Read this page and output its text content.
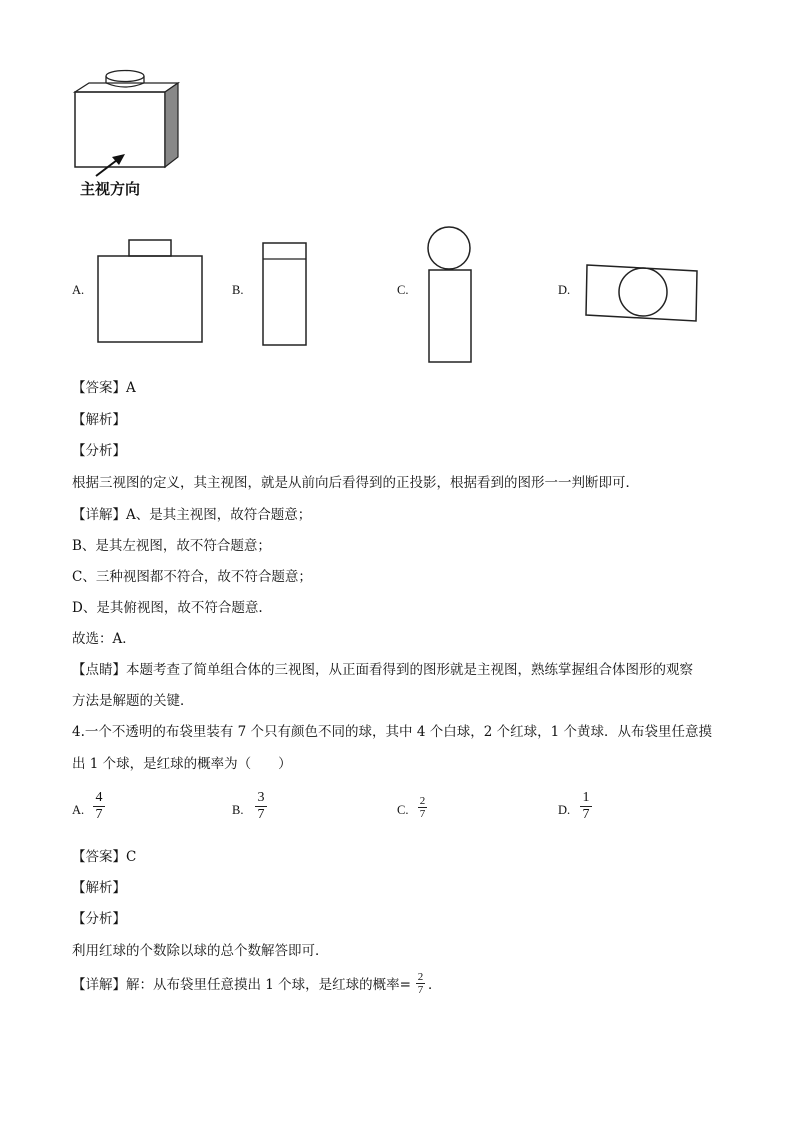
主视方向
A.	B.	C.	D.
【答案】A
【解析】
【分析】
根据三视图的定义，其主视图，就是从前向后看得到的正投影，根据看到的图形一一判断即可．
【详解】A、是其主视图，故符合题意；
B、是其左视图，故不符合题意；
C、三种视图都不符合，故不符合题意；
D、是其俯视图，故不符合题意.
故选：A．
【点睛】本题考查了简单组合体的三视图，从正面看得到的图形就是主视图，熟练掌握组合体图形的观察
方法是解题的关键．
4.一个不透明的布袋里装有 7 个只有颜色不同的球，其中 4 个白球，2 个红球，1 个黄球．从布袋里任意摸
出 1 个球，是红球的概率为（　　）
A.
4
7	B.
3
7	C.
2
7	D.
1
7
【答案】C
【解析】
【分析】
利用红球的个数除以球的总个数解答即可．
【详解】解：从布袋里任意摸出 1 个球，是红球的概率= 2
7 ．
